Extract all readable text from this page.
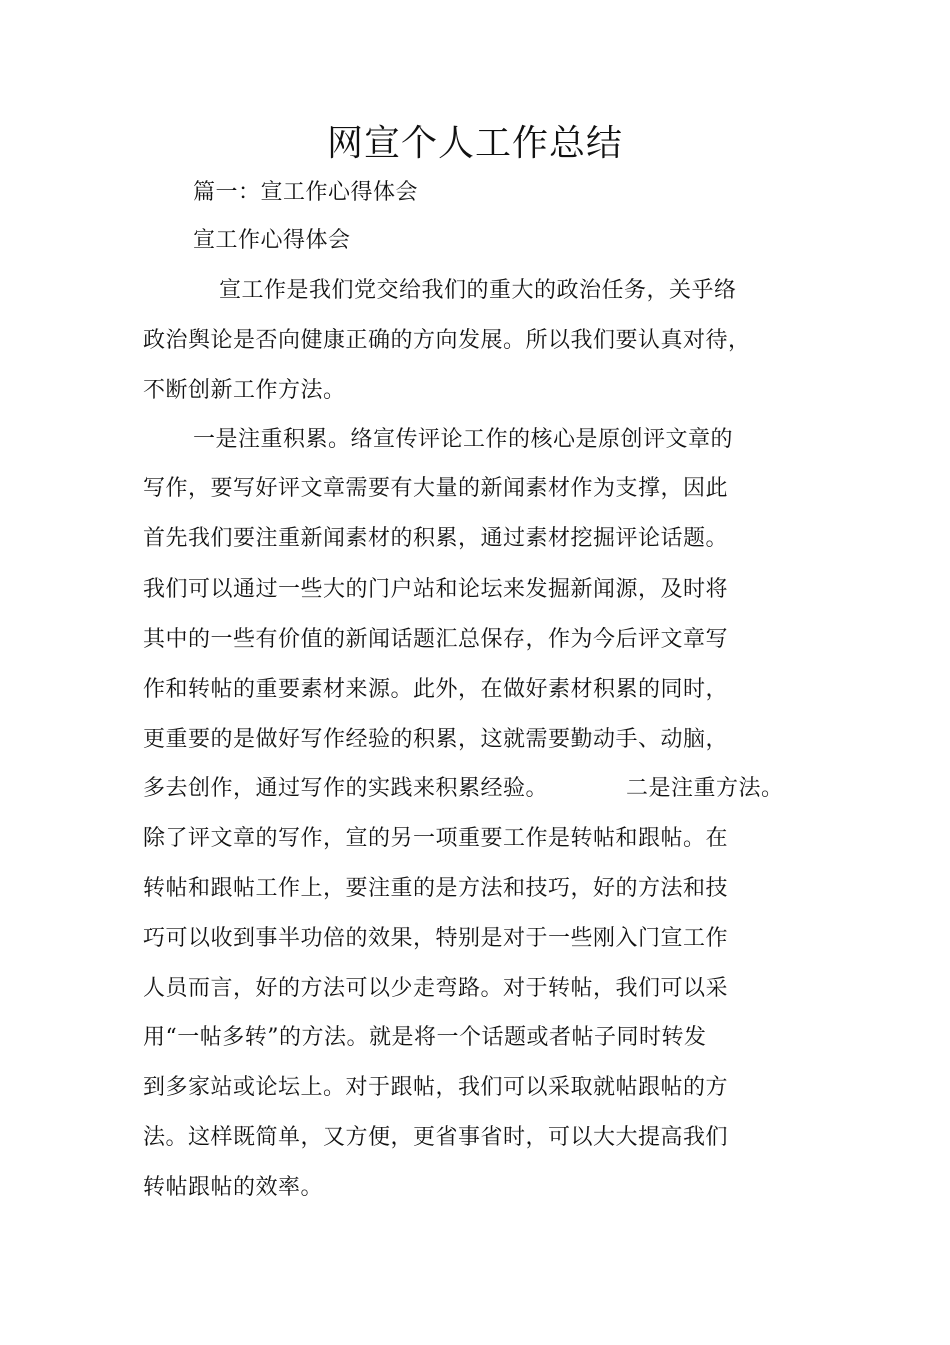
网宣个人工作总结
篇一：宣工作心得体会
宣工作心得体会
宣工作是我们党交给我们的重大的政治任务，关乎络
政治舆论是否向健康正确的方向发展。所以我们要认真对待，
不断创新工作方法。
一是注重积累。络宣传评论工作的核心是原创评文章的
写作，要写好评文章需要有大量的新闻素材作为支撑，因此
首先我们要注重新闻素材的积累，通过素材挖掘评论话题。
我们可以通过一些大的门户站和论坛来发掘新闻源，及时将
其中的一些有价值的新闻话题汇总保存，作为今后评文章写
作和转帖的重要素材来源。此外，在做好素材积累的同时，
更重要的是做好写作经验的积累，这就需要勤动手、动脑，
多去创作，通过写作的实践来积累经验。	二是注重方法。
除了评文章的写作，宣的另一项重要工作是转帖和跟帖。在
转帖和跟帖工作上，要注重的是方法和技巧，好的方法和技
巧可以收到事半功倍的效果，特别是对于一些刚入门宣工作
人员而言，好的方法可以少走弯路。对于转帖，我们可以采
用“一帖多转”的方法。就是将一个话题或者帖子同时转发
到多家站或论坛上。对于跟帖，我们可以采取就帖跟帖的方
法。这样既简单，又方便，更省事省时，可以大大提高我们
转帖跟帖的效率。
